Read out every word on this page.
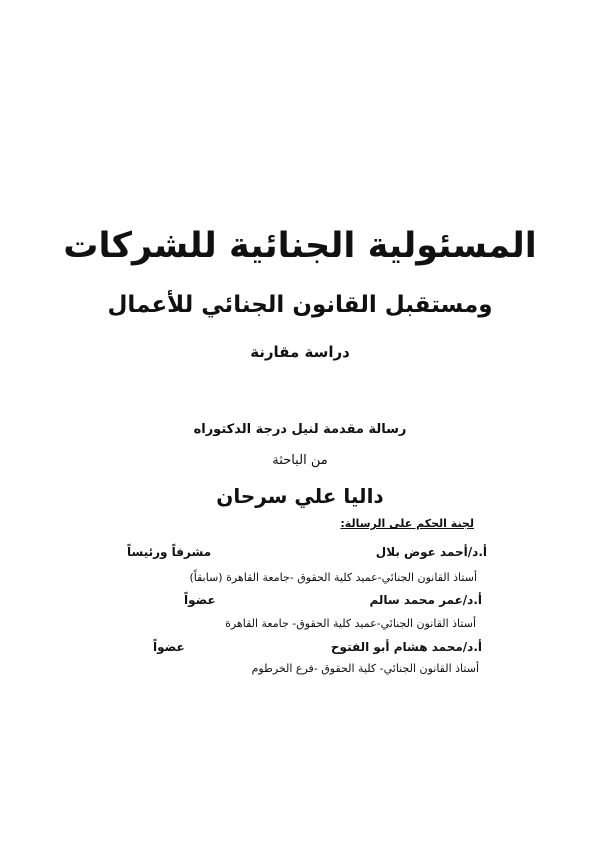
المسئولية الجنائية للشركات
ومستقبل القانون الجنائي للأعمال
دراسة مقارنة
رسالة مقدمة لنيل درجة الدكتوراه
من الباحثة
داليا علي سرحان
لجنة الحكم على الرسالة:
أ.د/أحمد عوض بلال
مشرفاً ورئيساً
أستاذ القانون الجنائي-عميد كلية الحقوق -جامعة القاهرة (سابقاً)
أ.د/عمر محمد سالم
عضواً
أستاذ القانون الجنائي-عميد كلية الحقوق- جامعة القاهرة
أ.د/محمد هشام أبو الفتوح
عضواً
أستاذ القانون الجنائي- كلية الحقوق -فرع الخرطوم
